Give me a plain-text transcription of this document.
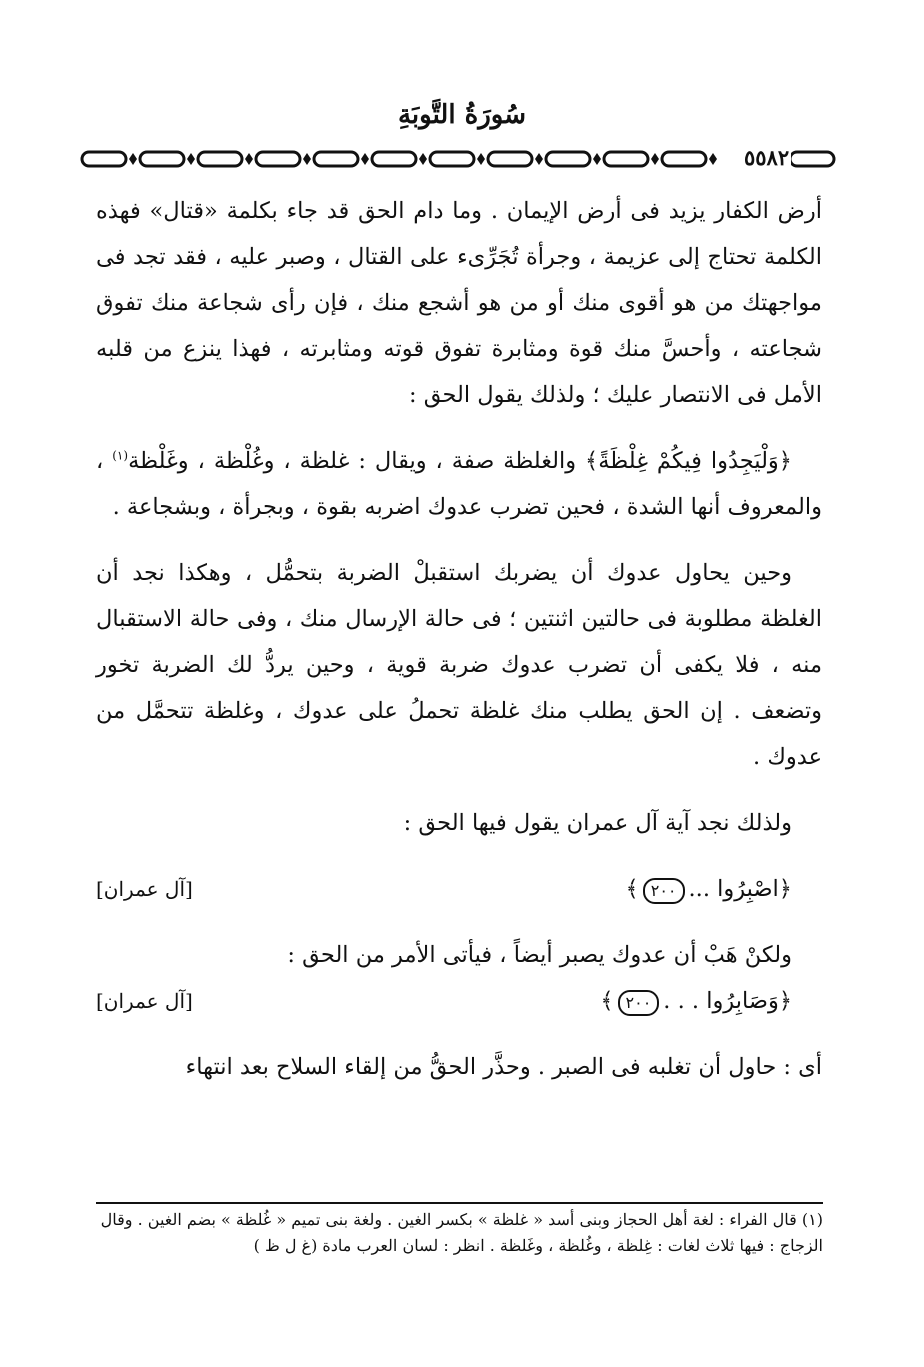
سُورَةُ التَّوبَةِ
٥٥٨٢

أرض الكفار يزيد فى أرض الإيمان . وما دام الحق قد جاء بكلمة «قتال» فهذه الكلمة تحتاج إلى عزيمة ، وجرأة تُجَرِّىء على القتال ، وصبر عليه ، فقد تجد فى مواجهتك من هو أقوى منك أو من هو أشجع منك ، فإن رأى شجاعة منك تفوق شجاعته ، وأحسَّ منك قوة ومثابرة تفوق قوته ومثابرته ، فهذا ينزع من قلبه الأمل فى الانتصار عليك ؛ ولذلك يقول الحق :

﴿وَلْيَجِدُوا فِيكُمْ غِلْظَةً﴾ والغلظة صفة ، ويقال : غلظة ، وغُلْظة ، وغَلْظة$^{(١)}$ ، والمعروف أنها الشدة ، فحين تضرب عدوك اضربه بقوة ، وبجرأة ، وبشجاعة .

وحين يحاول عدوك أن يضربك استقبلْ الضربة بتحمُّل ، وهكذا نجد أن الغلظة مطلوبة فى حالتين اثنتين ؛ فى حالة الإرسال منك ، وفى حالة الاستقبال منه ، فلا يكفى أن تضرب عدوك ضربة قوية ، وحين يردُّ لك الضربة تخور وتضعف . إن الحق يطلب منك غلظة تحملُ على عدوك ، وغلظة تتحمَّل من عدوك .

ولذلك نجد آية آل عمران يقول فيها الحق :

﴿اصْبِرُوا ...٢٠٠﴾
[آل عمران]

ولكنْ هَبْ أن عدوك يصبر أيضاً ، فيأتى الأمر من الحق :

﴿وَصَابِرُوا . . .٢٠٠﴾
[آل عمران]

أى : حاول أن تغلبه فى الصبر . وحذَّر الحقُّ من إلقاء السلاح بعد انتهاء

(١) قال الفراء : لغة أهل الحجاز وبنى أسد « غلظة » بكسر الغين . ولغة بنى تميم « غُلظة » بضم الغين . وقال

الزجاج : فيها ثلاث لغات : غِلظة ، وغُلظة ، وغَلظة . انظر : لسان العرب مادة (غ ل ظ )
